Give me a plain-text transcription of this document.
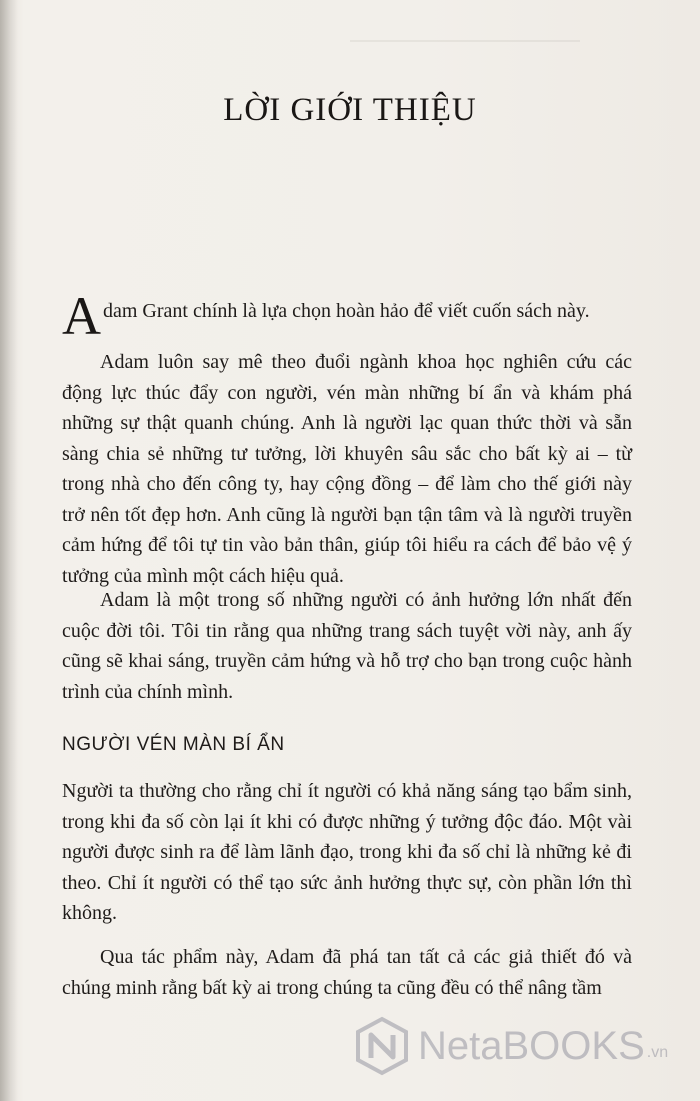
LỜI GIỚI THIỆU

Adam Grant chính là lựa chọn hoàn hảo để viết cuốn sách này.

Adam luôn say mê theo đuổi ngành khoa học nghiên cứu các động lực thúc đẩy con người, vén màn những bí ẩn và khám phá những sự thật quanh chúng. Anh là người lạc quan thức thời và sẵn sàng chia sẻ những tư tưởng, lời khuyên sâu sắc cho bất kỳ ai – từ trong nhà cho đến công ty, hay cộng đồng – để làm cho thế giới này trở nên tốt đẹp hơn. Anh cũng là người bạn tận tâm và là người truyền cảm hứng để tôi tự tin vào bản thân, giúp tôi hiểu ra cách để bảo vệ ý tưởng của mình một cách hiệu quả.

Adam là một trong số những người có ảnh hưởng lớn nhất đến cuộc đời tôi. Tôi tin rằng qua những trang sách tuyệt vời này, anh ấy cũng sẽ khai sáng, truyền cảm hứng và hỗ trợ cho bạn trong cuộc hành trình của chính mình.

NGƯỜI VÉN MÀN BÍ ẨN

Người ta thường cho rằng chỉ ít người có khả năng sáng tạo bẩm sinh, trong khi đa số còn lại ít khi có được những ý tưởng độc đáo. Một vài người được sinh ra để làm lãnh đạo, trong khi đa số chỉ là những kẻ đi theo. Chỉ ít người có thể tạo sức ảnh hưởng thực sự, còn phần lớn thì không.

Qua tác phẩm này, Adam đã phá tan tất cả các giả thiết đó và chúng minh rằng bất kỳ ai trong chúng ta cũng đều có thể nâng tầm

NetaBOOKS .vn
